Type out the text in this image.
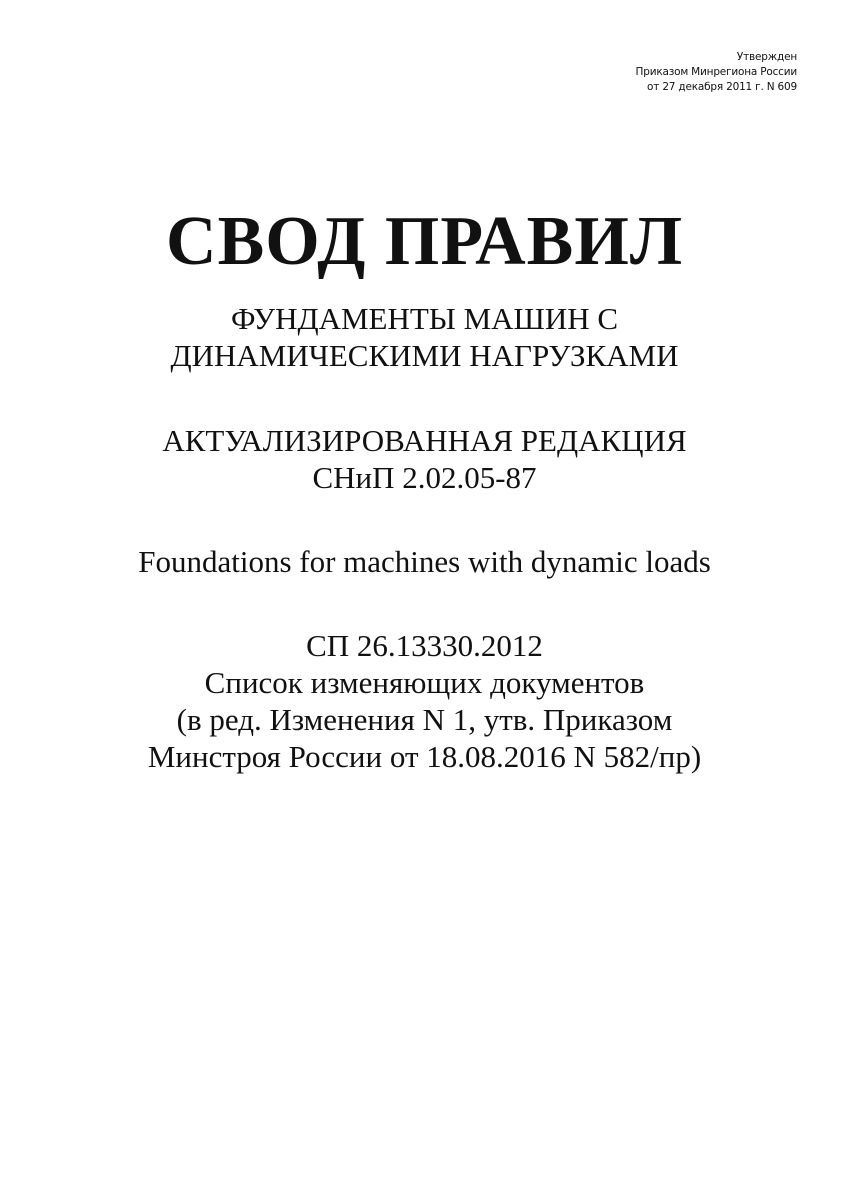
Утвержден
Приказом Минрегиона России
от 27 декабря 2011 г. N 609
СВОД ПРАВИЛ
ФУНДАМЕНТЫ МАШИН С
ДИНАМИЧЕСКИМИ НАГРУЗКАМИ
АКТУАЛИЗИРОВАННАЯ РЕДАКЦИЯ
СНиП 2.02.05-87
Foundations for machines with dynamic loads
СП 26.13330.2012
Список изменяющих документов
(в ред. Изменения N 1, утв. Приказом
Минстроя России от 18.08.2016 N 582/пр)
